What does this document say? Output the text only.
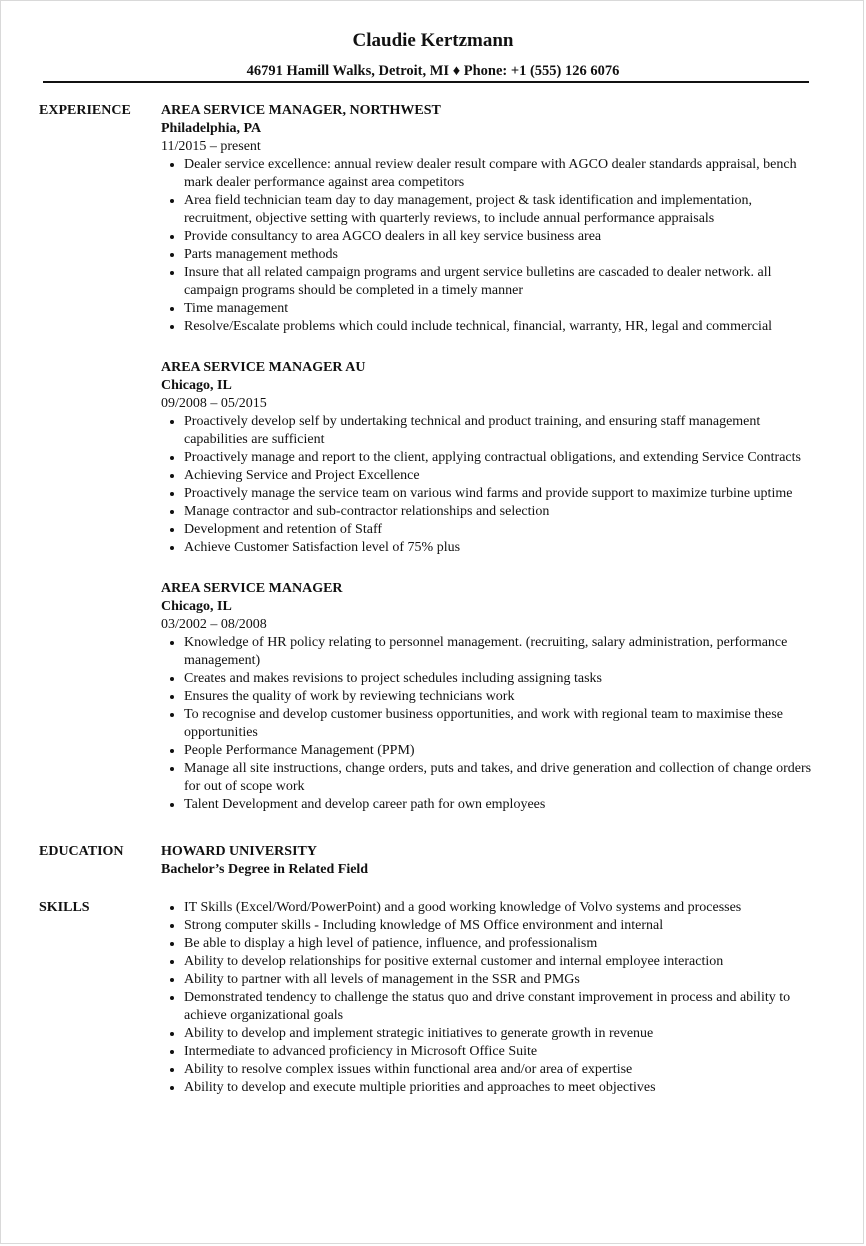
Claudie Kertzmann
46791 Hamill Walks, Detroit, MI ♦ Phone: +1 (555) 126 6076
EXPERIENCE AREA SERVICE MANAGER, NORTHWEST
Philadelphia, PA
11/2015 – present
• Dealer service excellence: annual review dealer result compare with AGCO dealer standards appraisal, bench mark dealer performance against area competitors
• Area field technician team day to day management, project & task identification and implementation, recruitment, objective setting with quarterly reviews, to include annual performance appraisals
• Provide consultancy to area AGCO dealers in all key service business area
• Parts management methods
• Insure that all related campaign programs and urgent service bulletins are cascaded to dealer network. all campaign programs should be completed in a timely manner
• Time management
• Resolve/Escalate problems which could include technical, financial, warranty, HR, legal and commercial
AREA SERVICE MANAGER AU
Chicago, IL
09/2008 – 05/2015
• Proactively develop self by undertaking technical and product training, and ensuring staff management capabilities are sufficient
• Proactively manage and report to the client, applying contractual obligations, and extending Service Contracts
• Achieving Service and Project Excellence
• Proactively manage the service team on various wind farms and provide support to maximize turbine uptime
• Manage contractor and sub-contractor relationships and selection
• Development and retention of Staff
• Achieve Customer Satisfaction level of 75% plus
AREA SERVICE MANAGER
Chicago, IL
03/2002 – 08/2008
• Knowledge of HR policy relating to personnel management. (recruiting, salary administration, performance management)
• Creates and makes revisions to project schedules including assigning tasks
• Ensures the quality of work by reviewing technicians work
• To recognise and develop customer business opportunities, and work with regional team to maximise these opportunities
• People Performance Management (PPM)
• Manage all site instructions, change orders, puts and takes, and drive generation and collection of change orders for out of scope work
• Talent Development and develop career path for own employees
EDUCATION	HOWARD UNIVERSITY
Bachelor’s Degree in Related Field
SKILLS
•	IT Skills (Excel/Word/PowerPoint) and a good working knowledge of Volvo systems and processes
• Strong computer skills - Including knowledge of MS Office environment and internal
• Be able to display a high level of patience, influence, and professionalism
• Ability to develop relationships for positive external customer and internal employee interaction
• Ability to partner with all levels of management in the SSR and PMGs
• Demonstrated tendency to challenge the status quo and drive constant improvement in process and ability to achieve organizational goals
• Ability to develop and implement strategic initiatives to generate growth in revenue
• Intermediate to advanced proficiency in Microsoft Office Suite
• Ability to resolve complex issues within functional area and/or area of expertise
• Ability to develop and execute multiple priorities and approaches to meet objectives
